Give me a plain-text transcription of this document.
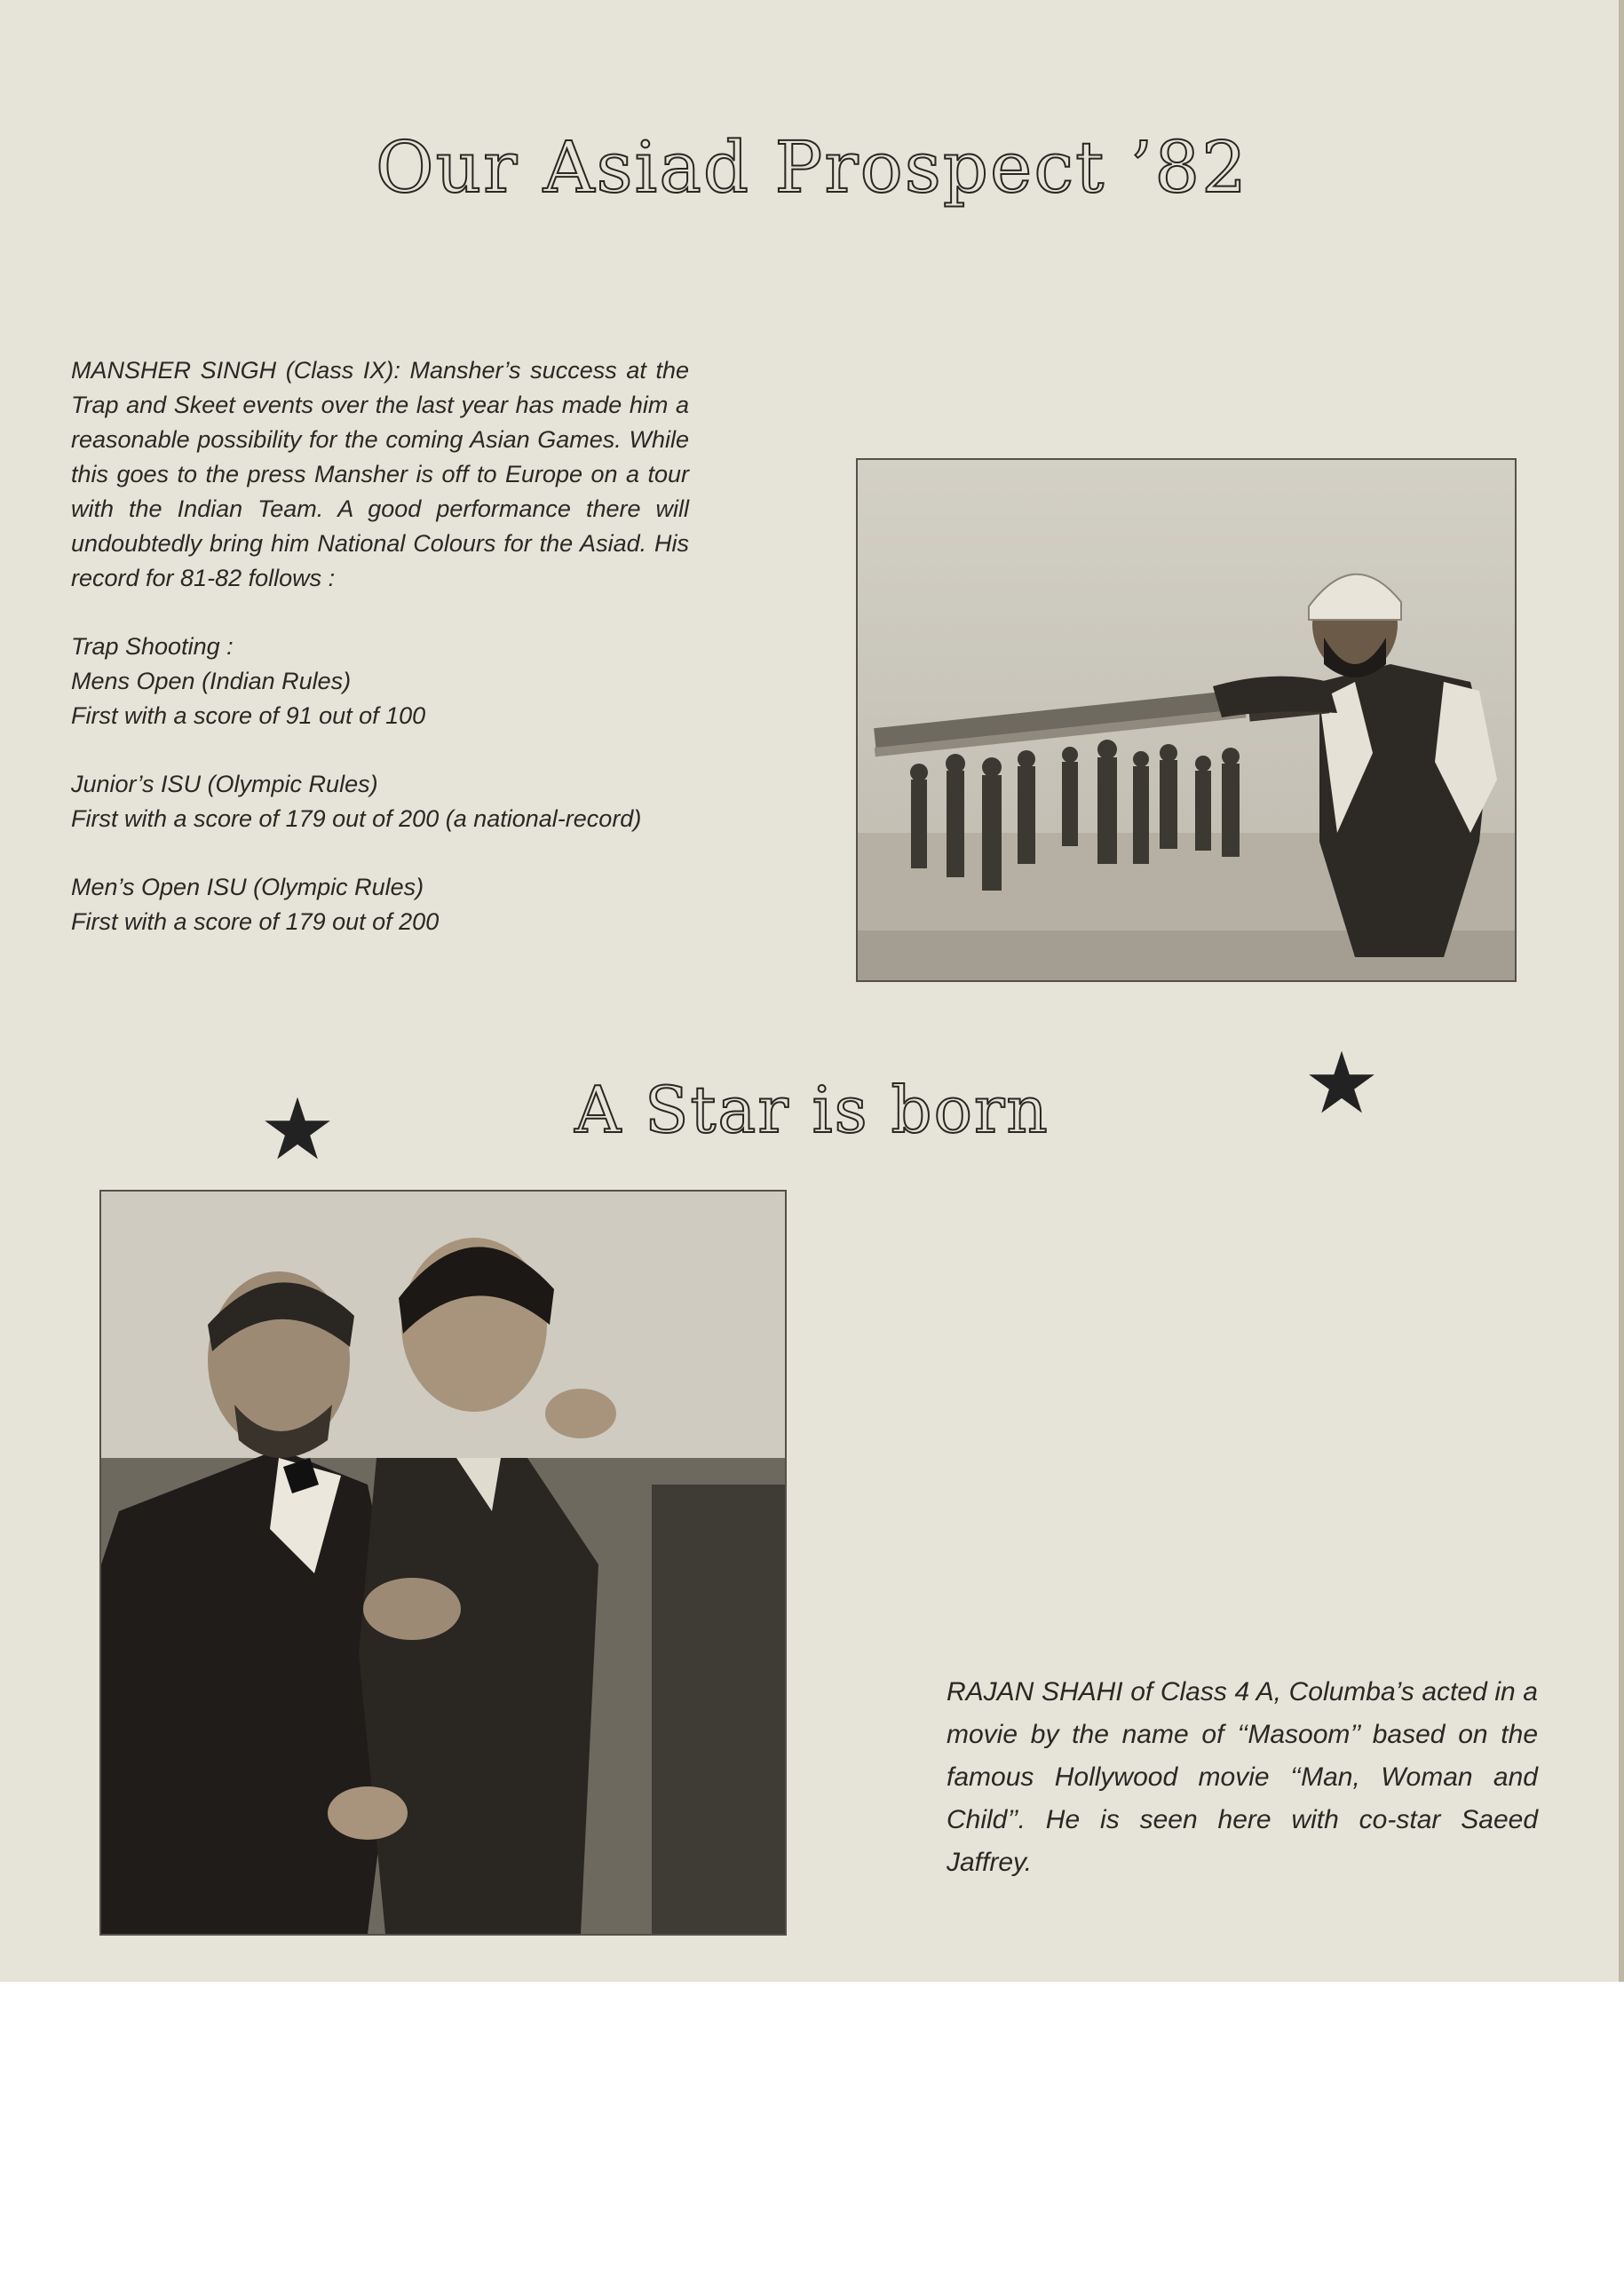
Our Asiad Prospect ’82

MANSHER SINGH (Class IX): Mansher’s success at the Trap and Skeet events over the last year has made him a reasonable possibility for the coming Asian Games. While this goes to the press Mansher is off to Europe on a tour with the Indian Team. A good performance there will undoubtedly bring him National Colours for the Asiad. His record for 81-82 follows :

Trap Shooting :

Mens Open (Indian Rules)

First with a score of 91 out of 100

Junior’s ISU (Olympic Rules)

First with a score of 179 out of 200 (a national-record)

Men’s Open ISU (Olympic Rules)

First with a score of 179 out of 200

A Star is born
★	★

RAJAN SHAHI of Class 4 A, Columba’s acted in a movie by the name of ‘‘Masoom’’ based on the famous Hollywood movie ‘‘Man, Woman and Child’’. He is seen here with co-star Saeed Jaffrey.
